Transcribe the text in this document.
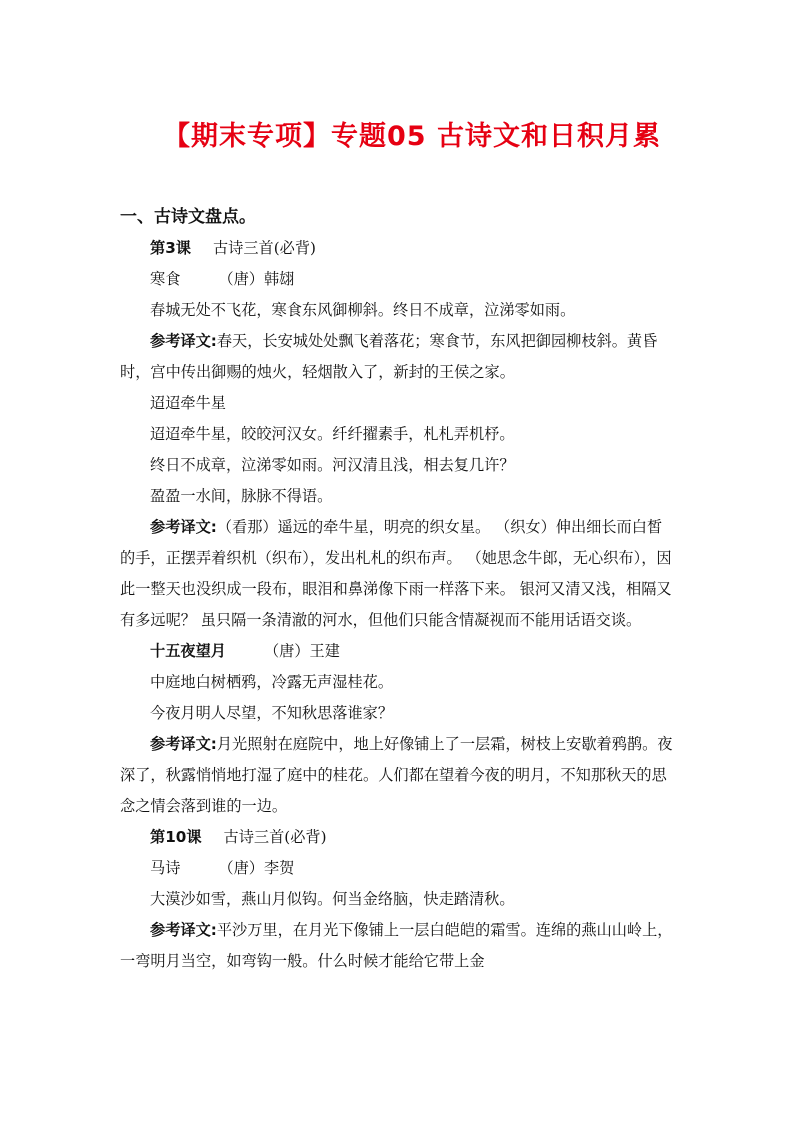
【期末专项】专题05 古诗文和日积月累
一、古诗文盘点。

第3课 古诗三首(必背)

寒食	（唐）韩翃

春城无处不飞花，寒食东风御柳斜。终日不成章，泣涕零如雨。

参考译文:春天，长安城处处飘飞着落花；寒食节，东风把御园柳枝斜。黄昏时，宫中传出御赐的烛火，轻烟散入了，新封的王侯之家。

迢迢牵牛星

迢迢牵牛星，皎皎河汉女。纤纤擢素手，札札弄机杼。

终日不成章，泣涕零如雨。河汉清且浅，相去复几许？

盈盈一水间，脉脉不得语。

参考译文:（看那）遥远的牵牛星，明亮的织女星。 （织女）伸出细长而白皙的手，正摆弄着织机（织布），发出札札的织布声。 （她思念牛郎，无心织布），因此一整天也没织成一段布，眼泪和鼻涕像下雨一样落下来。 银河又清又浅，相隔又有多远呢？ 虽只隔一条清澈的河水，但他们只能含情凝视而不能用话语交谈。

十五夜望月	（唐）王建

中庭地白树栖鸦，冷露无声湿桂花。

今夜月明人尽望，不知秋思落谁家？

参考译文:月光照射在庭院中，地上好像铺上了一层霜，树枝上安歇着鸦鹊。夜深了，秋露悄悄地打湿了庭中的桂花。人们都在望着今夜的明月，不知那秋天的思念之情会落到谁的一边。

第10课 古诗三首(必背)

马诗	（唐）李贺

大漠沙如雪，燕山月似钩。何当金络脑，快走踏清秋。

参考译文:平沙万里，在月光下像铺上一层白皑皑的霜雪。连绵的燕山山岭上，一弯明月当空，如弯钩一般。什么时候才能给它带上金
